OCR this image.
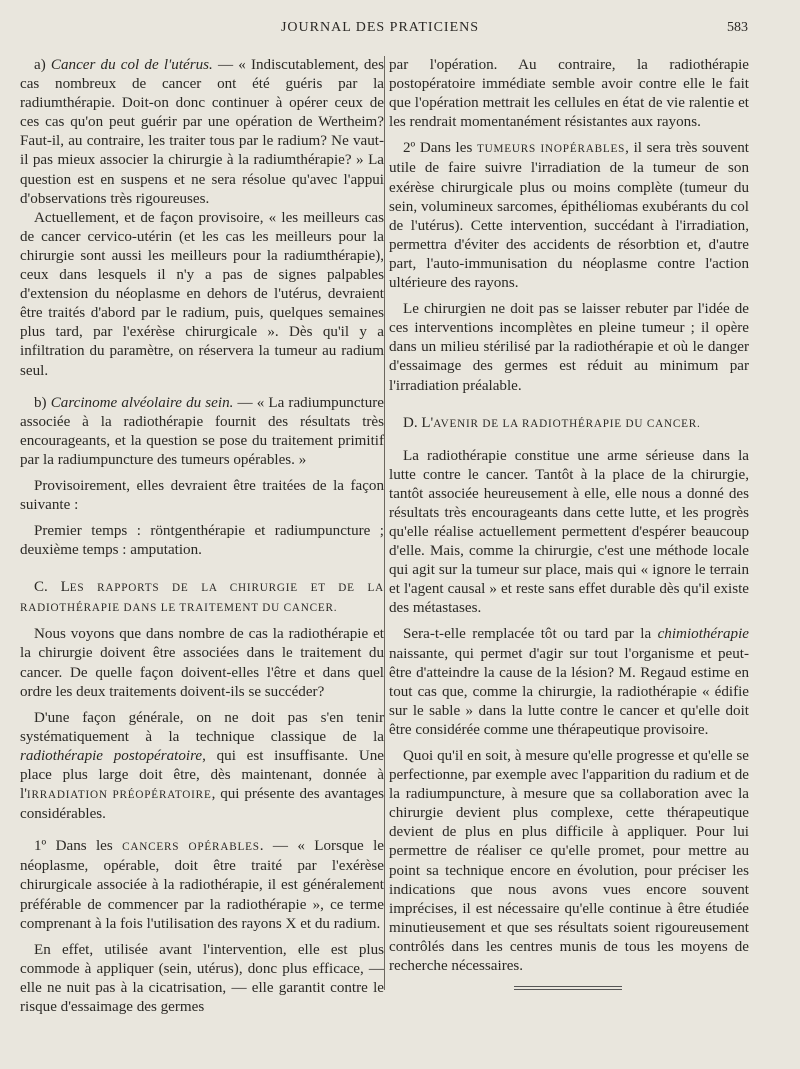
JOURNAL DES PRATICIENS	583

a) Cancer du col de l'utérus. — « Indiscutablement, des cas nombreux de cancer ont été guéris par la radiumthérapie. Doit-on donc continuer à opérer ceux de ces cas qu'on peut guérir par une opération de Wertheim? Faut-il, au contraire, les traiter tous par le radium? Ne vaut-il pas mieux associer la chirurgie à la radiumthérapie? » La question est en suspens et ne sera résolue qu'avec l'appui d'observations très rigoureuses.

Actuellement, et de façon provisoire, « les meilleurs cas de cancer cervico-utérin (et les cas les meilleurs pour la chirurgie sont aussi les meilleurs pour la radiumthérapie), ceux dans lesquels il n'y a pas de signes palpables d'extension du néoplasme en dehors de l'utérus, devraient être traités d'abord par le radium, puis, quelques semaines plus tard, par l'exérèse chirurgicale ». Dès qu'il y a infiltration du paramètre, on réservera la tumeur au radium seul.

b) Carcinome alvéolaire du sein. — « La radiumpuncture associée à la radiothérapie fournit des résultats très encourageants, et la question se pose du traitement primitif par la radiumpuncture des tumeurs opérables. »

Provisoirement, elles devraient être traitées de la façon suivante :

Premier temps : röntgenthérapie et radiumpuncture ; deuxième temps : amputation.

C. LES RAPPORTS DE LA CHIRURGIE ET DE LA RADIOTHÉRAPIE DANS LE TRAITEMENT DU CANCER.

Nous voyons que dans nombre de cas la radiothérapie et la chirurgie doivent être associées dans le traitement du cancer. De quelle façon doivent-elles l'être et dans quel ordre les deux traitements doivent-ils se succéder?

D'une façon générale, on ne doit pas s'en tenir systématiquement à la technique classique de la radiothérapie postopératoire, qui est insuffisante. Une place plus large doit être, dès maintenant, donnée à l'IRRADIATION PRÉOPÉRATOIRE, qui présente des avantages considérables.

1º Dans les CANCERS OPÉRABLES. — « Lorsque le néoplasme, opérable, doit être traité par l'exérèse chirurgicale associée à la radiothérapie, il est généralement préférable de commencer par la radiothérapie », ce terme comprenant à la fois l'utilisation des rayons X et du radium.

En effet, utilisée avant l'intervention, elle est plus commode à appliquer (sein, utérus), donc plus efficace, — elle ne nuit pas à la cicatrisation, — elle garantit contre le risque d'essaimage des germes

par l'opération. Au contraire, la radiothérapie postopératoire immédiate semble avoir contre elle le fait que l'opération mettrait les cellules en état de vie ralentie et les rendrait momentanément résistantes aux rayons.

2º Dans les TUMEURS INOPÉRABLES, il sera très souvent utile de faire suivre l'irradiation de la tumeur de son exérèse chirurgicale plus ou moins complète (tumeur du sein, volumineux sarcomes, épithéliomas exubérants du col de l'utérus). Cette intervention, succédant à l'irradiation, permettra d'éviter des accidents de résorbtion et, d'autre part, l'auto-immunisation du néoplasme contre l'action ultérieure des rayons.

Le chirurgien ne doit pas se laisser rebuter par l'idée de ces interventions incomplètes en pleine tumeur ; il opère dans un milieu stérilisé par la radiothérapie et où le danger d'essaimage des germes est réduit au minimum par l'irradiation préalable.

D. L'AVENIR DE LA RADIOTHÉRAPIE DU CANCER.

La radiothérapie constitue une arme sérieuse dans la lutte contre le cancer. Tantôt à la place de la chirurgie, tantôt associée heureusement à elle, elle nous a donné des résultats très encourageants dans cette lutte, et les progrès qu'elle réalise actuellement permettent d'espérer beaucoup d'elle. Mais, comme la chirurgie, c'est une méthode locale qui agit sur la tumeur sur place, mais qui « ignore le terrain et l'agent causal » et reste sans effet durable dès qu'il existe des métastases.

Sera-t-elle remplacée tôt ou tard par la chimiothérapie naissante, qui permet d'agir sur tout l'organisme et peut-être d'atteindre la cause de la lésion? M. Regaud estime en tout cas que, comme la chirurgie, la radiothérapie « édifie sur le sable » dans la lutte contre le cancer et qu'elle doit être considérée comme une thérapeutique provisoire.

Quoi qu'il en soit, à mesure qu'elle progresse et qu'elle se perfectionne, par exemple avec l'apparition du radium et de la radiumpuncture, à mesure que sa collaboration avec la chirurgie devient plus complexe, cette thérapeutique devient de plus en plus difficile à appliquer. Pour lui permettre de réaliser ce qu'elle promet, pour mettre au point sa technique encore en évolution, pour préciser les indications que nous avons vues encore souvent imprécises, il est nécessaire qu'elle continue à être étudiée minutieusement et que ses résultats soient rigoureusement contrôlés dans les centres munis de tous les moyens de recherche nécessaires.
